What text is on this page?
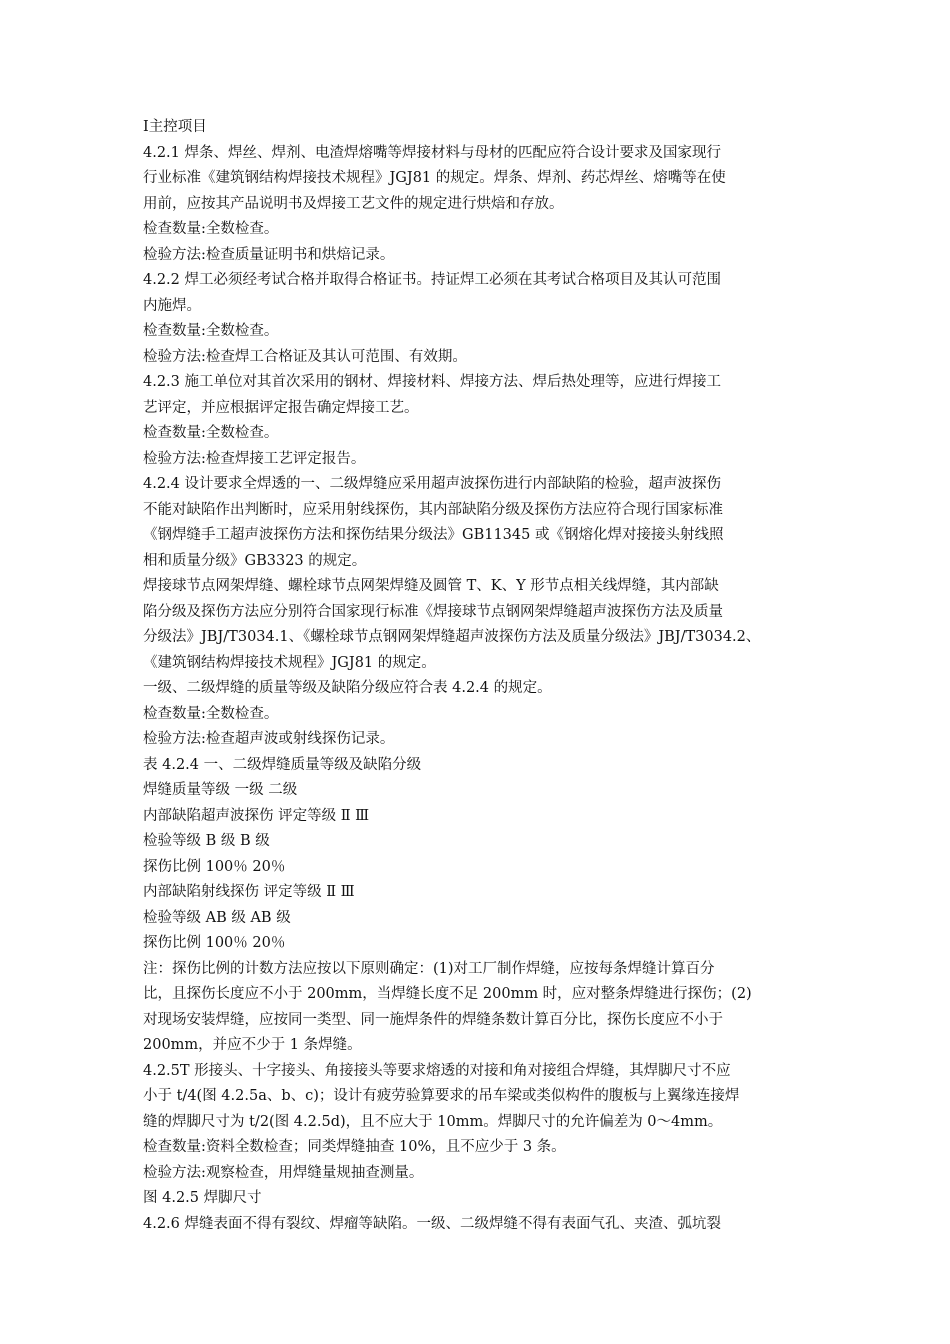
Ⅰ主控项目
4.2.1 焊条、焊丝、焊剂、电渣焊熔嘴等焊接材料与母材的匹配应符合设计要求及国家现行
行业标准《建筑钢结构焊接技术规程》JGJ81 的规定。焊条、焊剂、药芯焊丝、熔嘴等在使
用前，应按其产品说明书及焊接工艺文件的规定进行烘焙和存放。
检查数量:全数检查。
检验方法:检查质量证明书和烘焙记录。
4.2.2 焊工必须经考试合格并取得合格证书。持证焊工必须在其考试合格项目及其认可范围
内施焊。
检查数量:全数检查。
检验方法:检查焊工合格证及其认可范围、有效期。
4.2.3 施工单位对其首次采用的钢材、焊接材料、焊接方法、焊后热处理等，应进行焊接工
艺评定，并应根据评定报告确定焊接工艺。
检查数量:全数检查。
检验方法:检查焊接工艺评定报告。
4.2.4 设计要求全焊透的一、二级焊缝应采用超声波探伤进行内部缺陷的检验，超声波探伤
不能对缺陷作出判断时，应采用射线探伤，其内部缺陷分级及探伤方法应符合现行国家标准
《钢焊缝手工超声波探伤方法和探伤结果分级法》GB11345 或《钢熔化焊对接接头射线照
相和质量分级》GB3323 的规定。
焊接球节点网架焊缝、螺栓球节点网架焊缝及圆管 T、K、Y 形节点相关线焊缝，其内部缺
陷分级及探伤方法应分别符合国家现行标准《焊接球节点钢网架焊缝超声波探伤方法及质量
分级法》JBJ/T3034.1、《螺栓球节点钢网架焊缝超声波探伤方法及质量分级法》JBJ/T3034.2、
《建筑钢结构焊接技术规程》JGJ81 的规定。
一级、二级焊缝的质量等级及缺陷分级应符合表 4.2.4 的规定。
检查数量:全数检查。
检验方法:检查超声波或射线探伤记录。
表 4.2.4 一、二级焊缝质量等级及缺陷分级
焊缝质量等级 一级 二级
内部缺陷超声波探伤 评定等级 Ⅱ Ⅲ
检验等级 B 级 B 级
探伤比例 100％ 20％
内部缺陷射线探伤 评定等级 Ⅱ Ⅲ
检验等级 AB 级 AB 级
探伤比例 100％ 20％
注：探伤比例的计数方法应按以下原则确定：(1)对工厂制作焊缝，应按每条焊缝计算百分
比，且探伤长度应不小于 200mm，当焊缝长度不足 200mm 时，应对整条焊缝进行探伤；(2)
对现场安装焊缝，应按同一类型、同一施焊条件的焊缝条数计算百分比，探伤长度应不小于
200mm，并应不少于 1 条焊缝。
4.2.5T 形接头、十字接头、角接接头等要求熔透的对接和角对接组合焊缝，其焊脚尺寸不应
小于 t/4(图 4.2.5a、b、c)；设计有疲劳验算要求的吊车梁或类似构件的腹板与上翼缘连接焊
缝的焊脚尺寸为 t/2(图 4.2.5d)，且不应大于 10mm。焊脚尺寸的允许偏差为 0～4mm。
检查数量:资料全数检查；同类焊缝抽查 10%，且不应少于 3 条。
检验方法:观察检查，用焊缝量规抽查测量。
图 4.2.5 焊脚尺寸
4.2.6 焊缝表面不得有裂纹、焊瘤等缺陷。一级、二级焊缝不得有表面气孔、夹渣、弧坑裂
